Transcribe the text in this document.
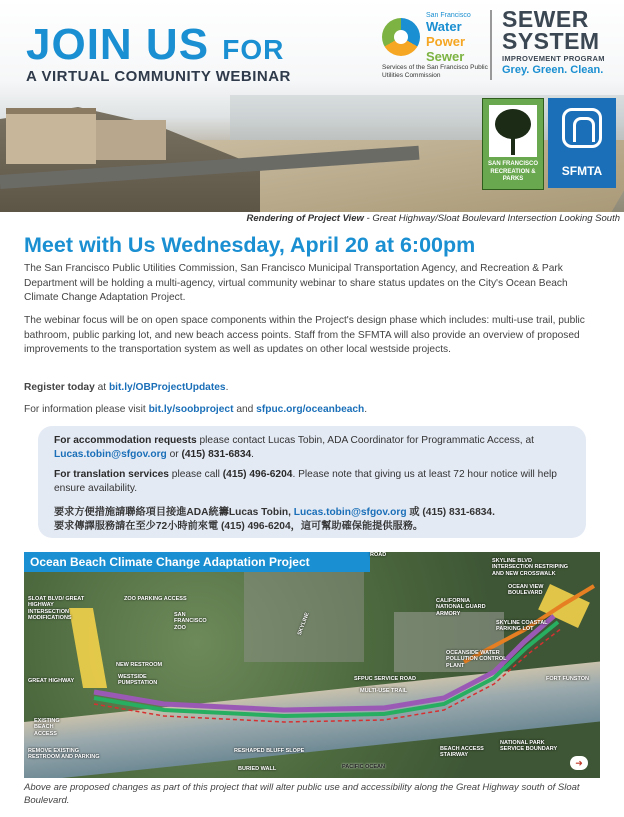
JOIN US FOR
A VIRTUAL COMMUNITY WEBINAR
San Francisco
Water
Power
Sewer
Services of the San Francisco Public Utilities Commission
SEWER
SYSTEM
IMPROVEMENT PROGRAM
Grey. Green. Clean.
SAN FRANCISCO RECREATION & PARKS
SFMTA
Rendering of Project View - Great Highway/Sloat Boulevard Intersection Looking South
Meet with Us Wednesday, April 20 at 6:00pm
The San Francisco Public Utilities Commission, San Francisco Municipal Transportation Agency, and Recreation & Park Department will be holding a multi-agency, virtual community webinar to share status updates on the City's Ocean Beach Climate Change Adaptation Project.
The webinar focus will be on open space components within the Project's design phase which includes: multi-use trail, public bathroom, public parking lot, and new beach access points. Staff from the SFMTA will also provide an overview of proposed improvements to the transportation system as well as updates on other local westside projects.
Register today at bit.ly/OBProjectUpdates.
For information please visit bit.ly/soobproject and sfpuc.org/oceanbeach.
For accommodation requests please contact Lucas Tobin, ADA Coordinator for Programmatic Access, at Lucas.tobin@sfgov.org or (415) 831-6834.
For translation services please call (415) 496-6204. Please note that giving us at least 72 hour notice will help ensure availability.
要求方便措施請聯絡項目接進ADA統籌Lucas Tobin, Lucas.tobin@sfgov.org 或 (415) 831-6834.
要求傳譯服務請在至少72小時前來電 (415) 496-6204，這可幫助確保能提供服務。
Ocean Beach Climate Change Adaptation Project
SLOAT BLVD/ GREAT HIGHWAY INTERSECTION MODIFICATIONS
ZOO PARKING ACCESS
SAN FRANCISCO ZOO
NEW RESTROOM
WESTSIDE PUMPSTATION
GREAT HIGHWAY
EXISTING BEACH ACCESS
REMOVE EXISTING RESTROOM AND PARKING
RESHAPED BLUFF SLOPE
BURIED WALL
SFPUC SERVICE ROAD
MULTI-USE TRAIL
SKYLINE BLVD INTERSECTION RESTRIPING AND NEW CROSSWALK
SKYLINE COASTAL PARKING LOT
CALIFORNIA NATIONAL GUARD ARMORY
OCEANSIDE WATER POLLUTION CONTROL PLANT
FORT FUNSTON
BEACH ACCESS STAIRWAY
NATIONAL PARK SERVICE BOUNDARY
PACIFIC OCEAN
ROAD
OCEAN VIEW BOULEVARD
SKYLINE
➜
Above are proposed changes as part of this project that will alter public use and accessibility along the Great Highway south of Sloat Boulevard.
